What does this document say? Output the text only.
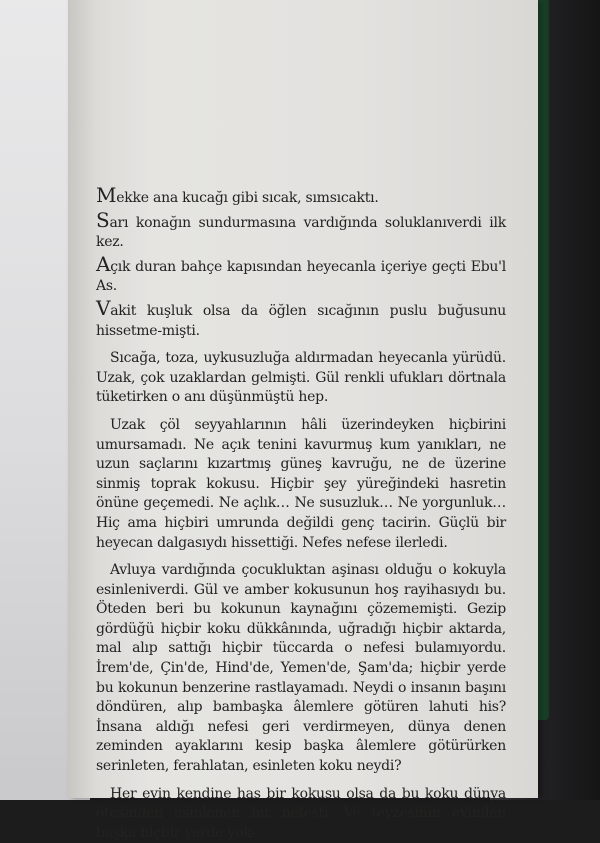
Mekke ana kucağı gibi sıcak, sımsıcaktı.

Sarı konağın sundurmasına vardığında soluklanıverdi ilk kez.

Açık duran bahçe kapısından heyecanla içeriye geçti Ebu'l As.

Vakit kuşluk olsa da öğlen sıcağının puslu buğusunu hissetme-mişti.

Sıcağa, toza, uykusuzluğa aldırmadan heyecanla yürüdü. Uzak, çok uzaklardan gelmişti. Gül renkli ufukları dörtnala tüketirken o anı düşünmüştü hep.

Uzak çöl seyyahlarının hâli üzerindeyken hiçbirini umursamadı. Ne açık tenini kavurmuş kum yanıkları, ne uzun saçlarını kızartmış güneş kavruğu, ne de üzerine sinmiş toprak kokusu. Hiçbir şey yüreğindeki hasretin önüne geçemedi. Ne açlık… Ne susuzluk… Ne yorgunluk… Hiç ama hiçbiri umrunda değildi genç tacirin. Güçlü bir heyecan dalgasıydı hissettiği. Nefes nefese ilerledi.

Avluya vardığında çocukluktan aşinası olduğu o kokuyla esinleniverdi. Gül ve amber kokusunun hoş rayihasıydı bu. Öteden beri bu kokunun kaynağını çözememişti. Gezip gördüğü hiçbir koku dükkânında, uğradığı hiçbir aktarda, mal alıp sattığı hiçbir tüccarda o nefesi bulamıyordu. İrem'de, Çin'de, Hind'de, Yemen'de, Şam'da; hiçbir yerde bu kokunun benzerine rastlayamadı. Neydi o insanın başını döndüren, alıp bambaşka âlemlere götüren lahuti his? İnsana aldığı nefesi geri verdirmeyen, dünya denen zeminden ayaklarını kesip başka âlemlere götürürken serinleten, ferahlatan, esinleten koku neydi?

Her evin kendine has bir kokusu olsa da bu koku dünya ötesinden esinlenen bir nefesti. Ve teyzesinin evinden başka hiçbir yerde yok-
